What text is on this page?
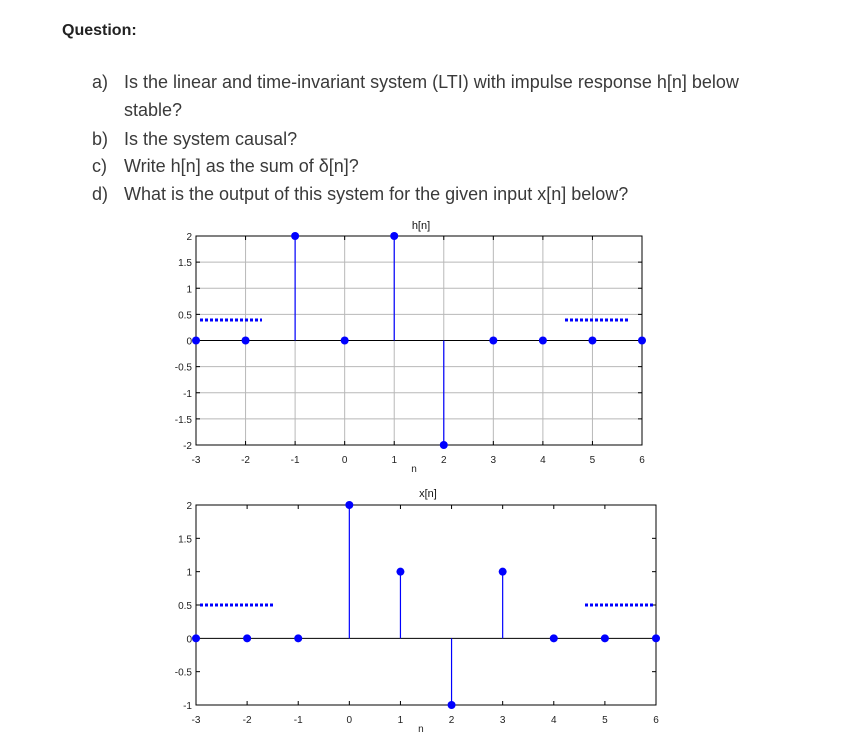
Question:
a) Is the linear and time-invariant system (LTI) with impulse response h[n] below
stable?
b) Is the system causal?
c) Write h[n] as the sum of δ[n]?
d) What is the output of this system for the given input x[n] below?
-3	-2	-1	0	1	2	3	4	5	6
2
1.5
1
0.5
0
-0.5
-1
-1.5
-2
h[n]
n
-3	-2	-1	0	1	2	3	4	5	6
2
1.5
1
0.5
0
-0.5
-1
x[n]
n
